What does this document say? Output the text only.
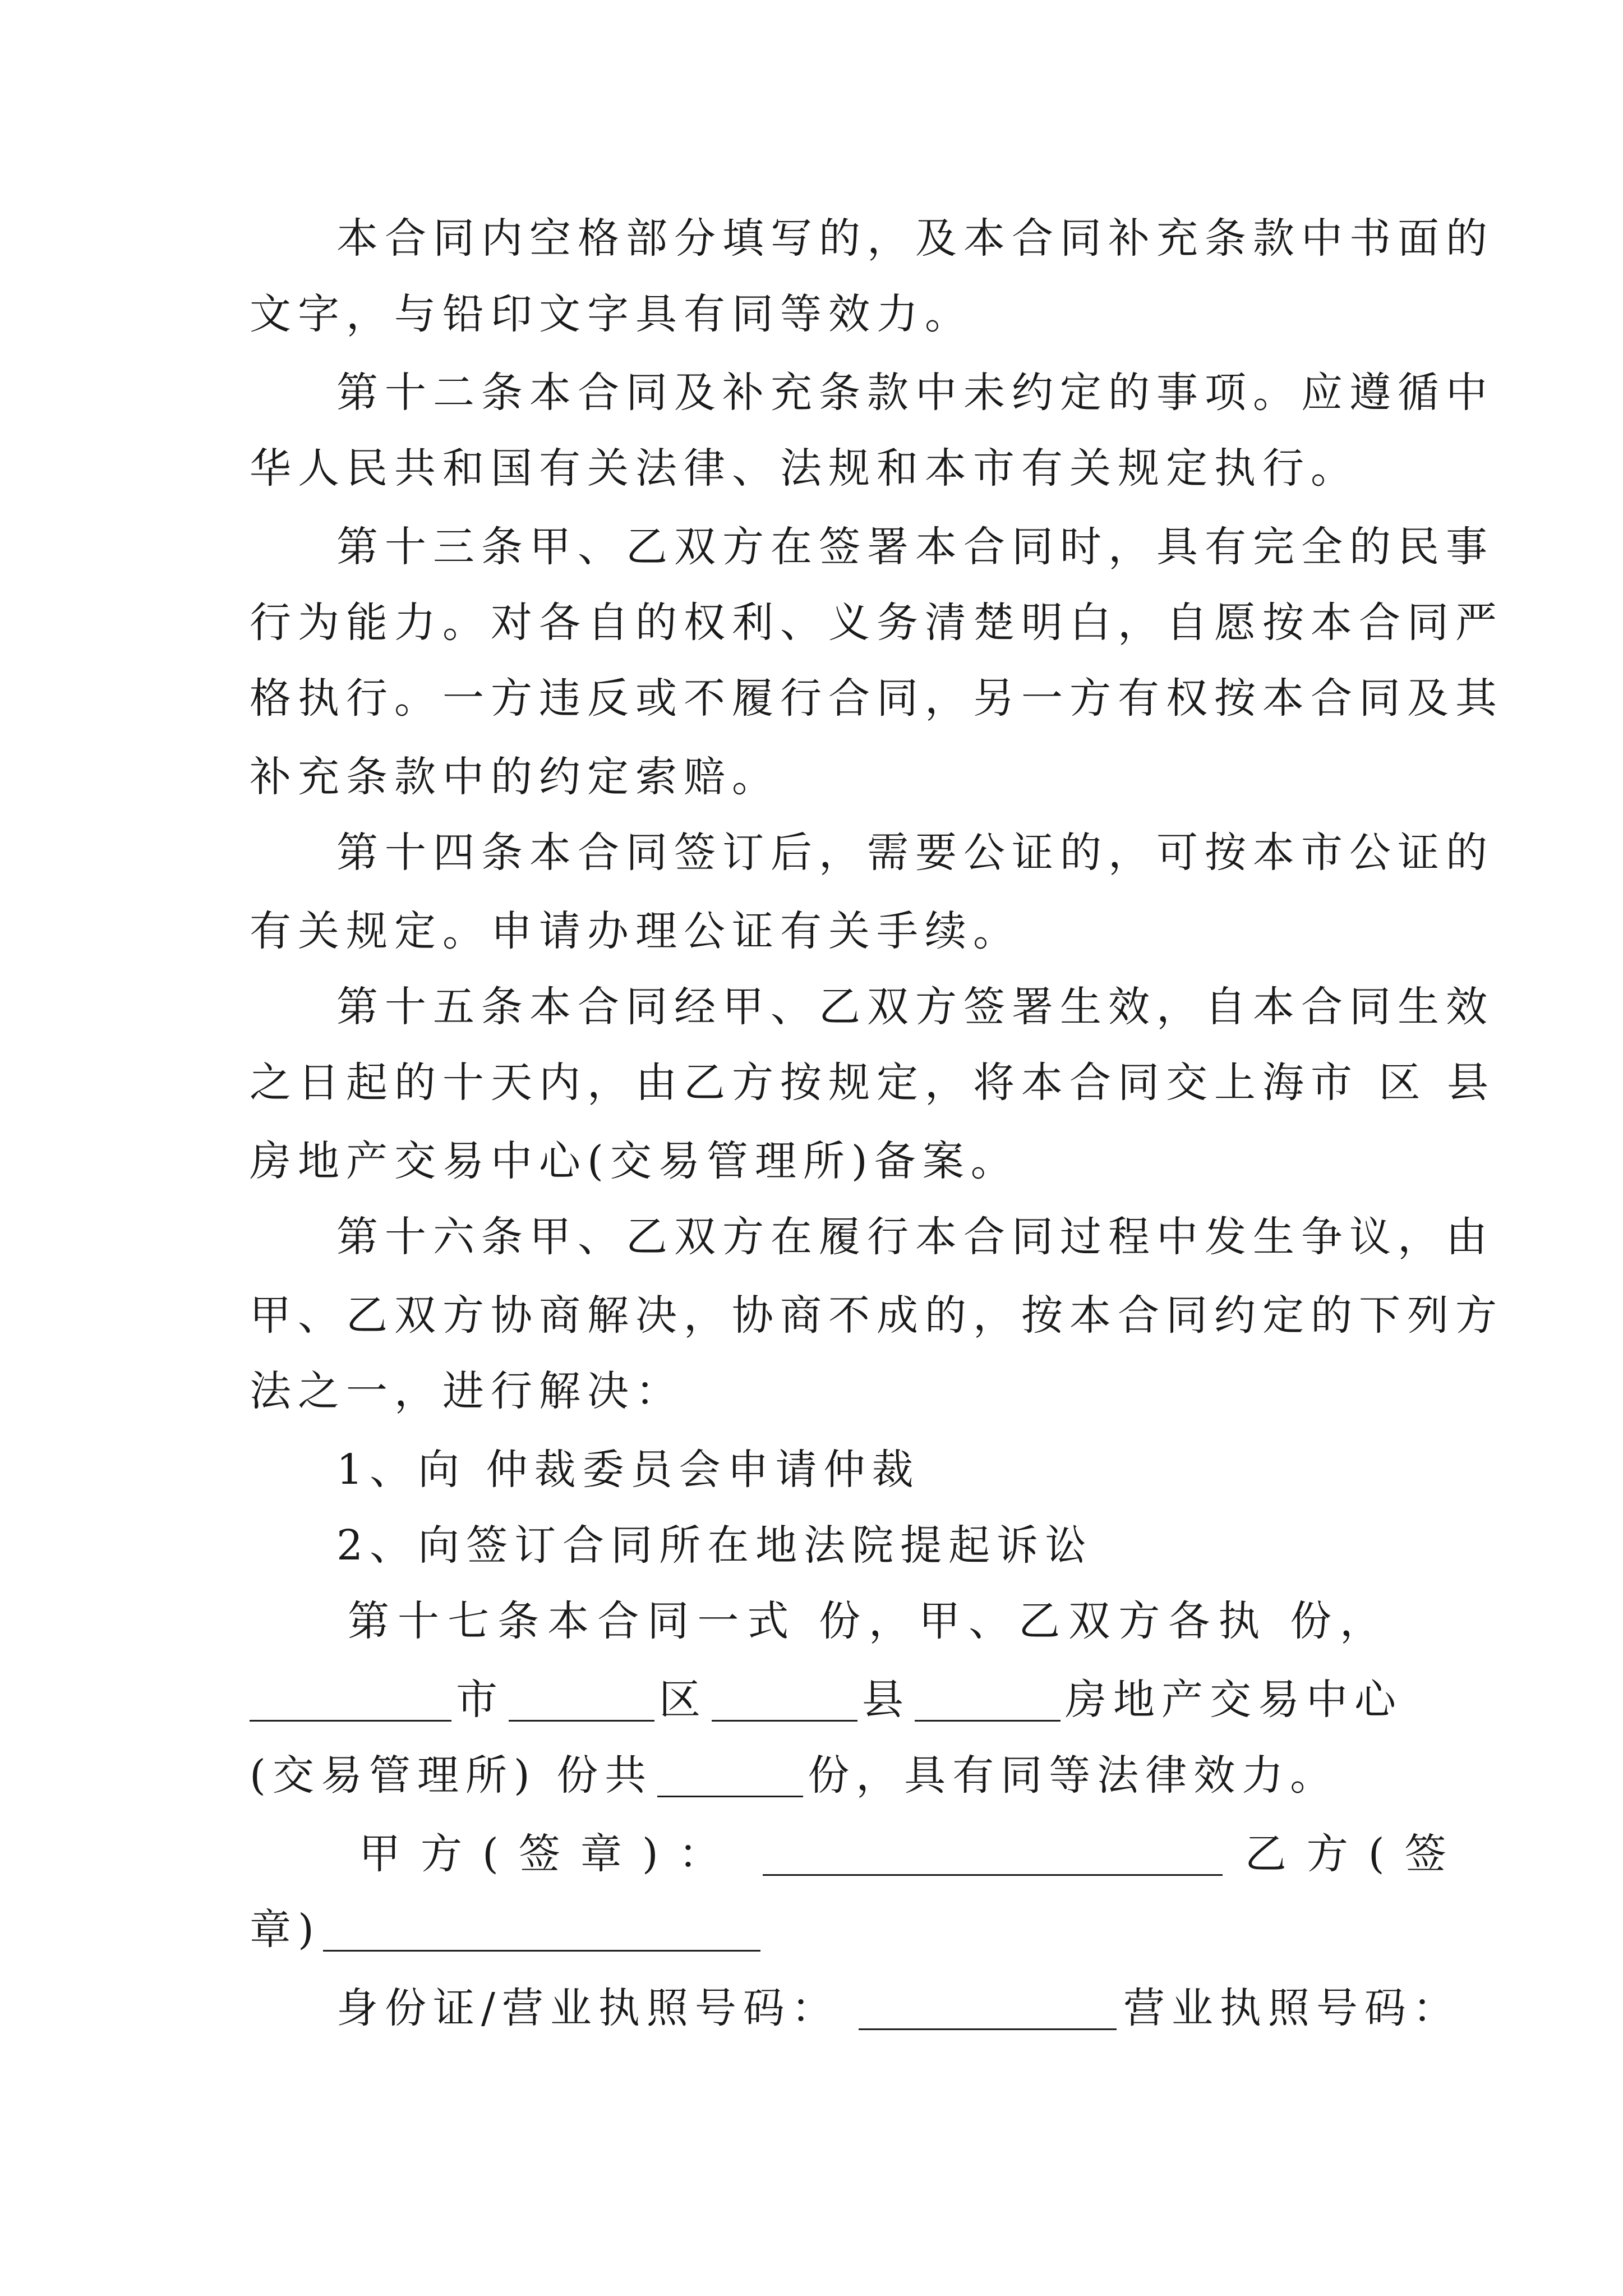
本合同内空格部分填写的，及本合同补充条款中书面的
文字，与铅印文字具有同等效力。
第十二条本合同及补充条款中未约定的事项。应遵循中
华人民共和国有关法律、法规和本市有关规定执行。
第十三条甲、乙双方在签署本合同时，具有完全的民事
行为能力。对各自的权利、义务清楚明白，自愿按本合同严
格执行。一方违反或不履行合同，另一方有权按本合同及其
补充条款中的约定索赔。
第十四条本合同签订后，需要公证的，可按本市公证的
有关规定。申请办理公证有关手续。
第十五条本合同经甲、乙双方签署生效，自本合同生效
之日起的十天内，由乙方按规定，将本合同交上海市 区 县
房地产交易中心(交易管理所)备案。
第十六条甲、乙双方在履行本合同过程中发生争议，由
甲、乙双方协商解决，协商不成的，按本合同约定的下列方
法之一，进行解决：
1、向 仲裁委员会申请仲裁
2、向签订合同所在地法院提起诉讼
第十七条本合同一式 份，甲、乙双方各执 份，
市	区	县	房地产交易中心
(交易管理所) 份共	份，具有同等法律效力。
甲方(签章)：	乙方(签
章)
身份证/营业执照号码：	营业执照号码：
